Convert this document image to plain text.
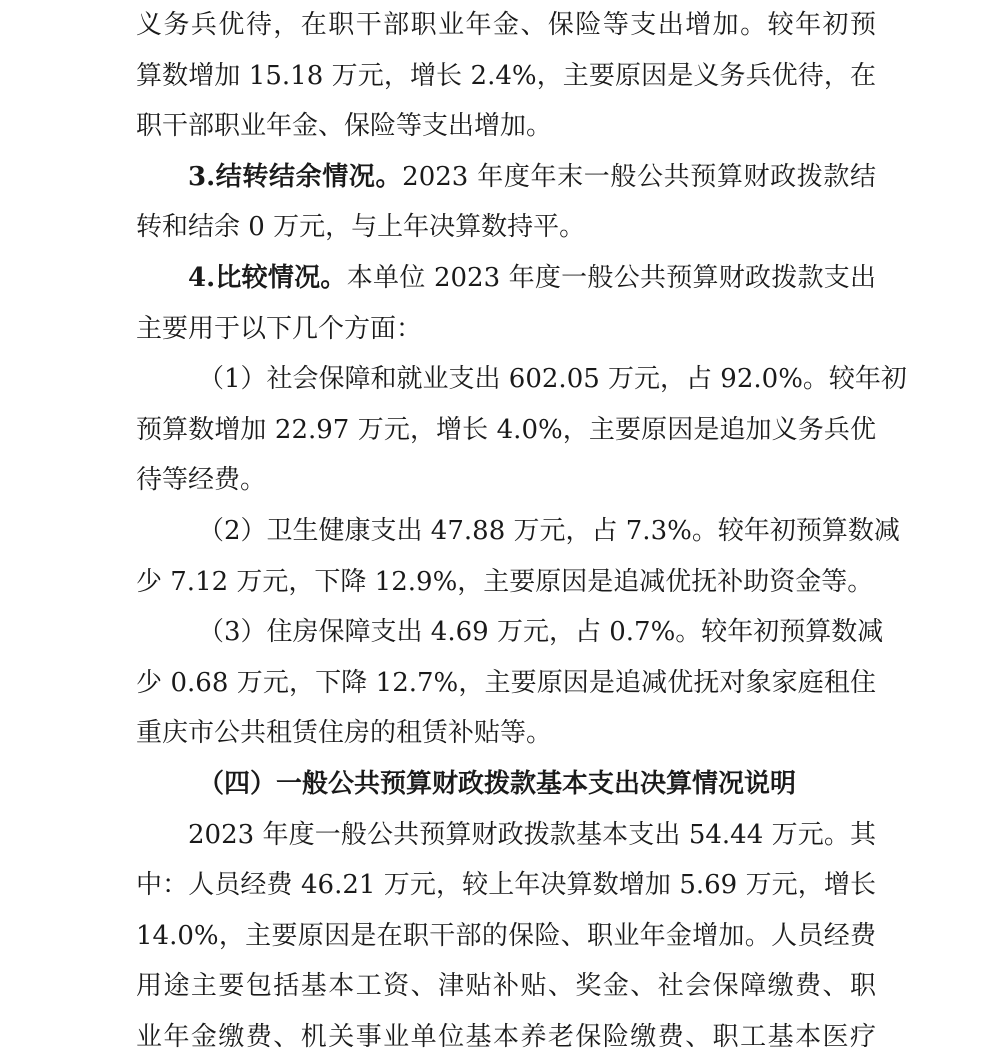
义务兵优待，在职干部职业年金、保险等支出增加。较年初预
算数增加 15.18 万元，增长 2.4%，主要原因是义务兵优待，在
职干部职业年金、保险等支出增加。
3.结转结余情况。2023 年度年末一般公共预算财政拨款结
转和结余 0 万元，与上年决算数持平。
4.比较情况。本单位 2023 年度一般公共预算财政拨款支出
主要用于以下几个方面：
（1）社会保障和就业支出 602.05 万元，占 92.0%。较年初
预算数增加 22.97 万元，增长 4.0%，主要原因是追加义务兵优
待等经费。
（2）卫生健康支出 47.88 万元，占 7.3%。较年初预算数减
少 7.12 万元，下降 12.9%，主要原因是追减优抚补助资金等。
（3）住房保障支出 4.69 万元，占 0.7%。较年初预算数减
少 0.68 万元，下降 12.7%，主要原因是追减优抚对象家庭租住
重庆市公共租赁住房的租赁补贴等。
（四）一般公共预算财政拨款基本支出决算情况说明
2023 年度一般公共预算财政拨款基本支出 54.44 万元。其
中：人员经费 46.21 万元，较上年决算数增加 5.69 万元，增长
14.0%，主要原因是在职干部的保险、职业年金增加。人员经费
用途主要包括基本工资、津贴补贴、奖金、社会保障缴费、职
业年金缴费、机关事业单位基本养老保险缴费、职工基本医疗
